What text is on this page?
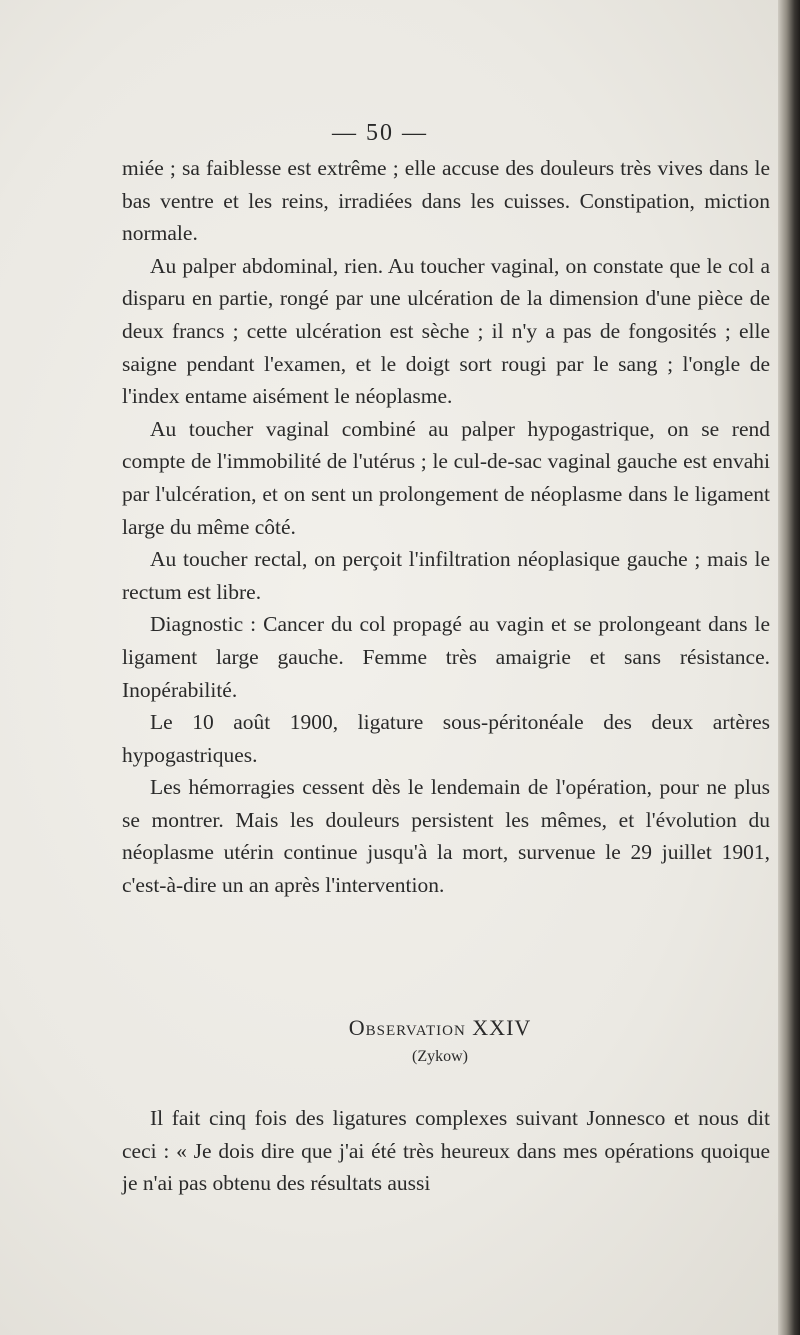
— 50 —

miée ; sa faiblesse est extrême ; elle accuse des douleurs très vives dans le bas ventre et les reins, irradiées dans les cuisses. Constipation, miction normale.

Au palper abdominal, rien. Au toucher vaginal, on constate que le col a disparu en partie, rongé par une ulcération de la dimension d'une pièce de deux francs ; cette ulcération est sèche ; il n'y a pas de fongosités ; elle saigne pendant l'examen, et le doigt sort rougi par le sang ; l'ongle de l'index entame aisément le néoplasme.

Au toucher vaginal combiné au palper hypogastrique, on se rend compte de l'immobilité de l'utérus ; le cul-de-sac vaginal gauche est envahi par l'ulcération, et on sent un prolongement de néoplasme dans le ligament large du même côté.

Au toucher rectal, on perçoit l'infiltration néoplasique gauche ; mais le rectum est libre.

Diagnostic : Cancer du col propagé au vagin et se prolongeant dans le ligament large gauche. Femme très amaigrie et sans résistance. Inopérabilité.

Le 10 août 1900, ligature sous-péritonéale des deux artères hypogastriques.

Les hémorragies cessent dès le lendemain de l'opération, pour ne plus se montrer. Mais les douleurs persistent les mêmes, et l'évolution du néoplasme utérin continue jusqu'à la mort, survenue le 29 juillet 1901, c'est-à-dire un an après l'intervention.

Observation XXIV
(Zykow)

Il fait cinq fois des ligatures complexes suivant Jonnesco et nous dit ceci : « Je dois dire que j'ai été très heureux dans mes opérations quoique je n'ai pas obtenu des résultats aussi
